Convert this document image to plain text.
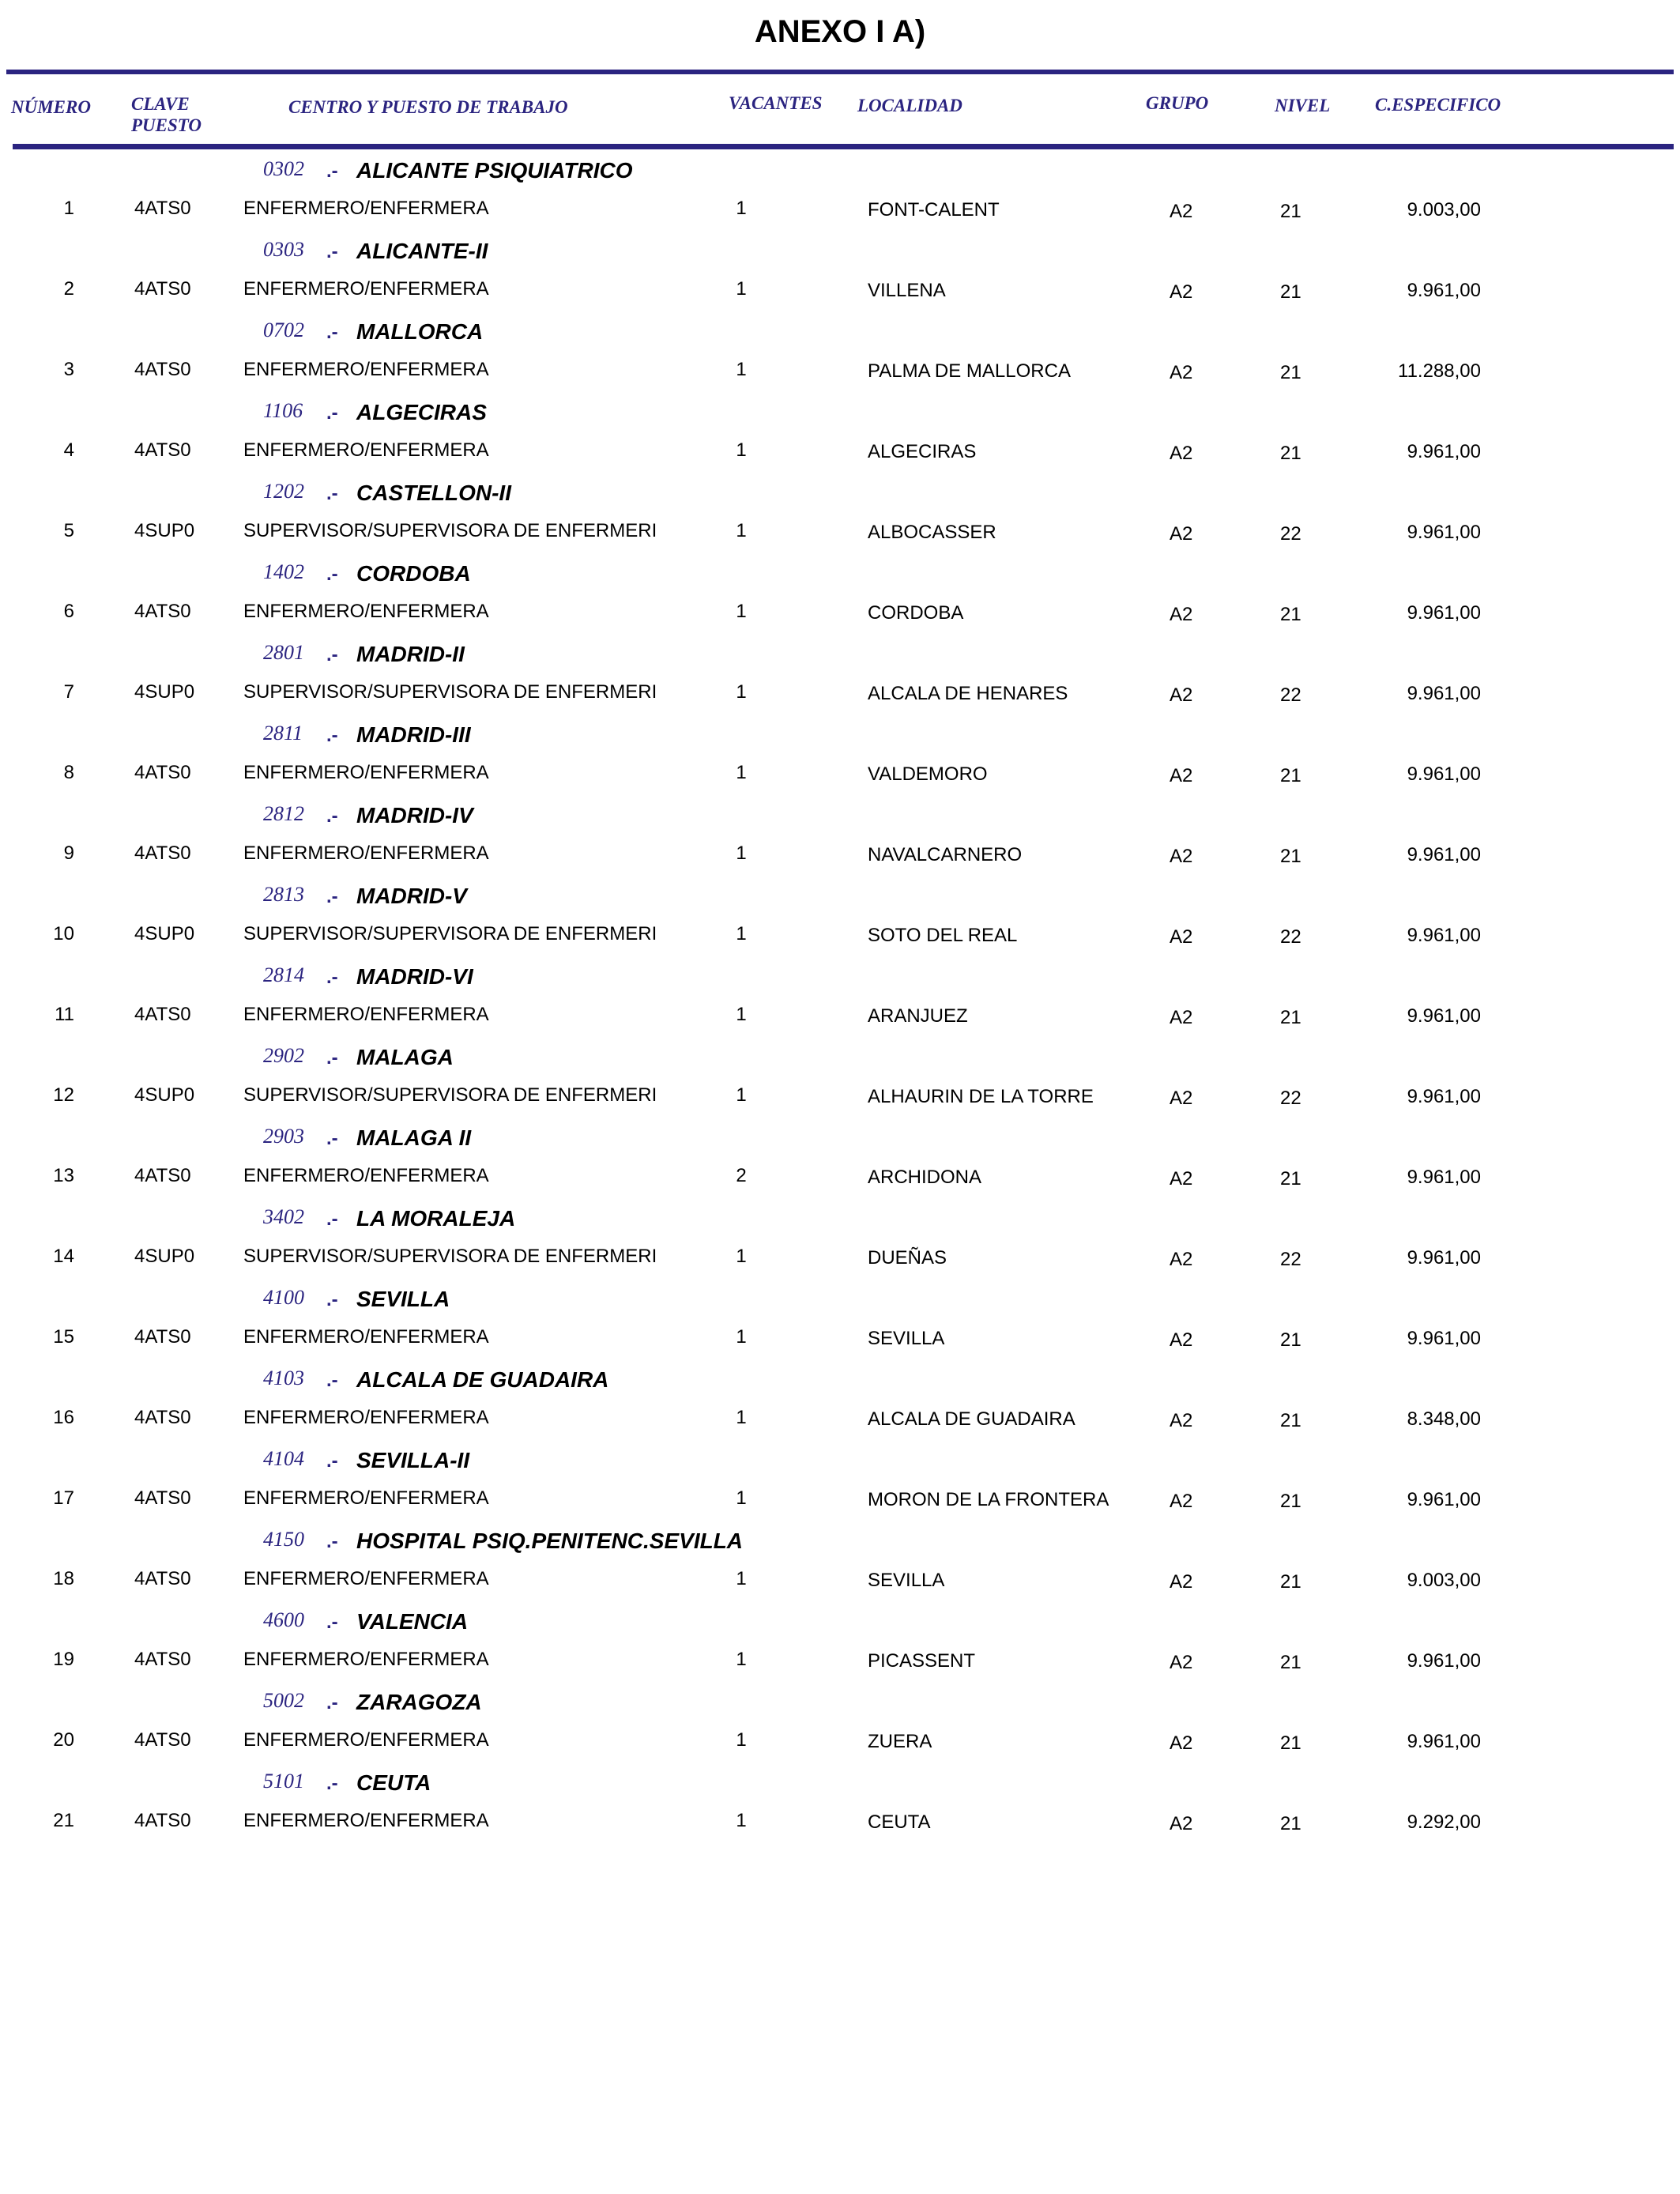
ANEXO I A)
NÚMERO CLAVE
PUESTO
CENTRO Y PUESTO DE TRABAJO	VACANTES LOCALIDAD	GRUPO	NIVEL C.ESPECIFICO
0302 .- ALICANTE PSIQUIATRICO
1	4ATS0	ENFERMERO/ENFERMERA	1	FONT-CALENT	A2	21	9.003,00
0303 .- ALICANTE-II
2	4ATS0	ENFERMERO/ENFERMERA	1	VILLENA	A2	21	9.961,00
0702 .- MALLORCA
3	4ATS0	ENFERMERO/ENFERMERA	1	PALMA DE MALLORCA	A2	21	11.288,00
1106 .- ALGECIRAS
4	4ATS0	ENFERMERO/ENFERMERA	1	ALGECIRAS	A2	21	9.961,00
1202 .- CASTELLON-II
5	4SUP0	SUPERVISOR/SUPERVISORA DE ENFERMERI	1	ALBOCASSER	A2	22	9.961,00
1402 .- CORDOBA
6	4ATS0	ENFERMERO/ENFERMERA	1	CORDOBA	A2	21	9.961,00
2801 .- MADRID-II
7	4SUP0	SUPERVISOR/SUPERVISORA DE ENFERMERI	1	ALCALA DE HENARES	A2	22	9.961,00
2811 .- MADRID-III
8	4ATS0	ENFERMERO/ENFERMERA	1	VALDEMORO	A2	21	9.961,00
2812 .- MADRID-IV
9	4ATS0	ENFERMERO/ENFERMERA	1	NAVALCARNERO	A2	21	9.961,00
2813 .- MADRID-V
10	4SUP0	SUPERVISOR/SUPERVISORA DE ENFERMERI	1	SOTO DEL REAL	A2	22	9.961,00
2814 .- MADRID-VI
11	4ATS0	ENFERMERO/ENFERMERA	1	ARANJUEZ	A2	21	9.961,00
2902 .- MALAGA
12	4SUP0	SUPERVISOR/SUPERVISORA DE ENFERMERI	1	ALHAURIN DE LA TORRE	A2	22	9.961,00
2903 .- MALAGA II
13	4ATS0	ENFERMERO/ENFERMERA	2	ARCHIDONA	A2	21	9.961,00
3402 .- LA MORALEJA
14	4SUP0	SUPERVISOR/SUPERVISORA DE ENFERMERI	1	DUEÑAS	A2	22	9.961,00
4100 .- SEVILLA
15	4ATS0	ENFERMERO/ENFERMERA	1	SEVILLA	A2	21	9.961,00
4103 .- ALCALA DE GUADAIRA
16	4ATS0	ENFERMERO/ENFERMERA	1	ALCALA DE GUADAIRA	A2	21	8.348,00
4104 .- SEVILLA-II
17	4ATS0	ENFERMERO/ENFERMERA	1	MORON DE LA FRONTERA	A2	21	9.961,00
4150 .- HOSPITAL PSIQ.PENITENC.SEVILLA
18	4ATS0	ENFERMERO/ENFERMERA	1	SEVILLA	A2	21	9.003,00
4600 .- VALENCIA
19	4ATS0	ENFERMERO/ENFERMERA	1	PICASSENT	A2	21	9.961,00
5002 .- ZARAGOZA
20	4ATS0	ENFERMERO/ENFERMERA	1	ZUERA	A2	21	9.961,00
5101 .- CEUTA
21	4ATS0	ENFERMERO/ENFERMERA	1	CEUTA	A2	21	9.292,00
